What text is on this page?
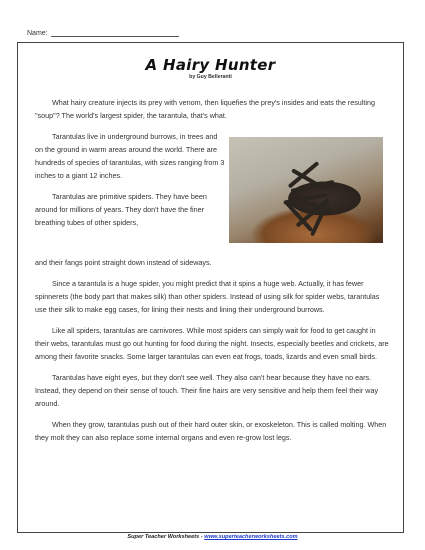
Name:
A Hairy Hunter
by Guy Belleranti

What hairy creature injects its prey with venom, then liquefies the prey's insides and eats the resulting "soup"? The world's largest spider, the tarantula, that's what.

Tarantulas live in underground burrows, in trees and on the ground in warm areas around the world. There are hundreds of species of tarantulas, with sizes ranging from 3 inches to a giant 12 inches.

Tarantulas are primitive spiders. They have been around for millions of years. They don't have the finer breathing tubes of other spiders,

and their fangs point straight down instead of sideways.

Since a tarantula is a huge spider, you might predict that it spins a huge web. Actually, it has fewer spinnerets (the body part that makes silk) than other spiders. Instead of using silk for spider webs, tarantulas use their silk to make egg cases, for lining their nests and lining their underground burrows.

Like all spiders, tarantulas are carnivores. While most spiders can simply wait for food to get caught in their webs, tarantulas must go out hunting for food during the night. Insects, especially beetles and crickets, are among their favorite snacks. Some larger tarantulas can even eat frogs, toads, lizards and even small birds.

Tarantulas have eight eyes, but they don't see well. They also can't hear because they have no ears. Instead, they depend on their sense of touch. Their fine hairs are very sensitive and help them feel their way around.

When they grow, tarantulas push out of their hard outer skin, or exoskeleton. This is called molting. When they molt they can also replace some internal organs and even re-grow lost legs.

Super Teacher Worksheets - www.superteacherworksheets.com
